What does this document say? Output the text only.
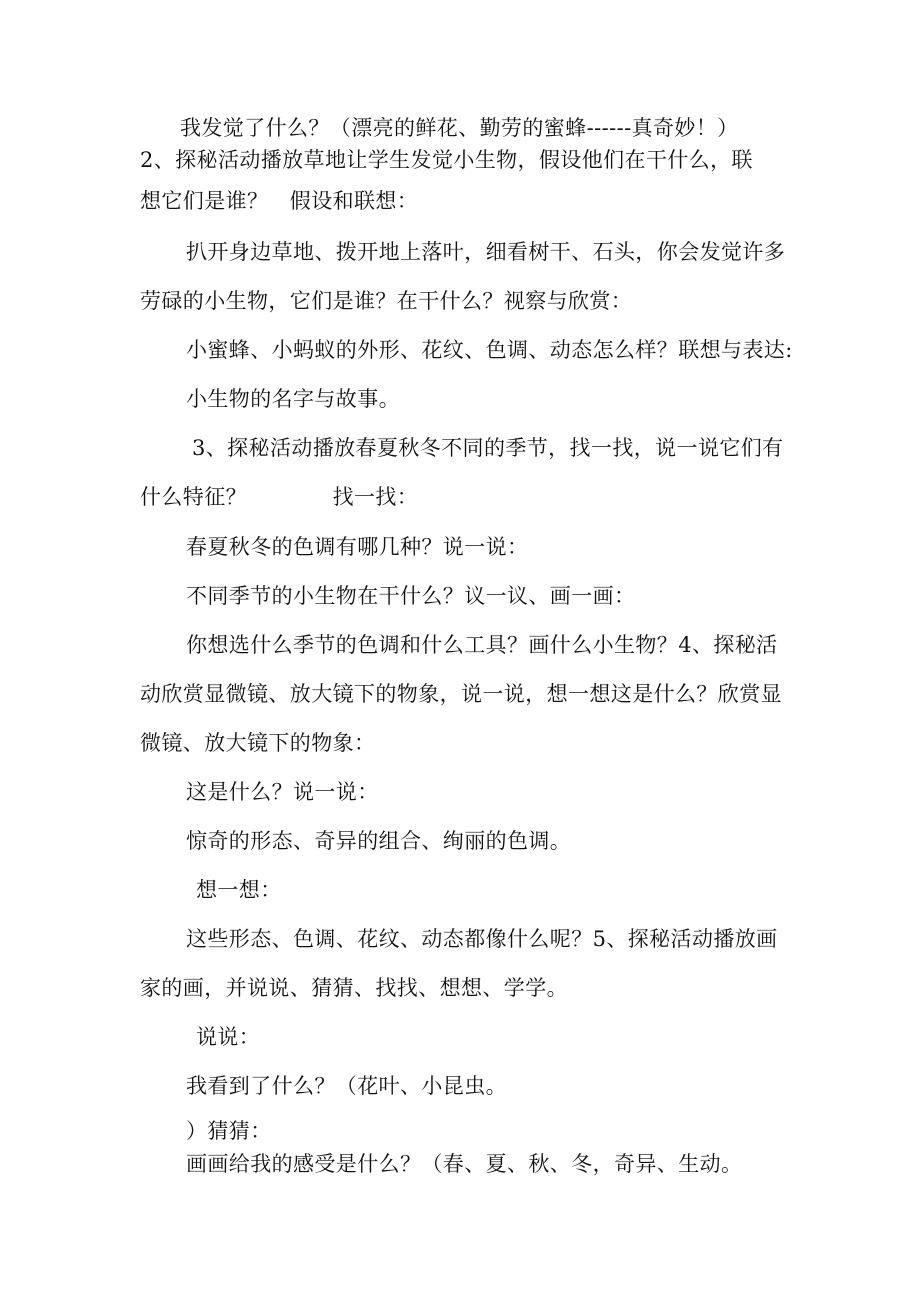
我发觉了什么？（漂亮的鲜花、勤劳的蜜蜂------真奇妙！）
2、探秘活动播放草地让学生发觉小生物，假设他们在干什么，联
想它们是谁？　假设和联想：
扒开身边草地、拨开地上落叶，细看树干、石头，你会发觉许多
劳碌的小生物，它们是谁？在干什么？视察与欣赏：
小蜜蜂、小蚂蚁的外形、花纹、色调、动态怎么样？联想与表达:
小生物的名字与故事。
3、探秘活动播放春夏秋冬不同的季节，找一找，说一说它们有
什么特征？　　　　找一找：
春夏秋冬的色调有哪几种？说一说：
不同季节的小生物在干什么？议一议、画一画：
你想选什么季节的色调和什么工具？画什么小生物？4、探秘活
动欣赏显微镜、放大镜下的物象，说一说，想一想这是什么？欣赏显
微镜、放大镜下的物象：
这是什么？说一说：
惊奇的形态、奇异的组合、绚丽的色调。
想一想：
这些形态、色调、花纹、动态都像什么呢？5、探秘活动播放画
家的画，并说说、猜猜、找找、想想、学学。
说说：
我看到了什么？（花叶、小昆虫。
）猜猜：
画画给我的感受是什么？（春、夏、秋、冬，奇异、生动。
